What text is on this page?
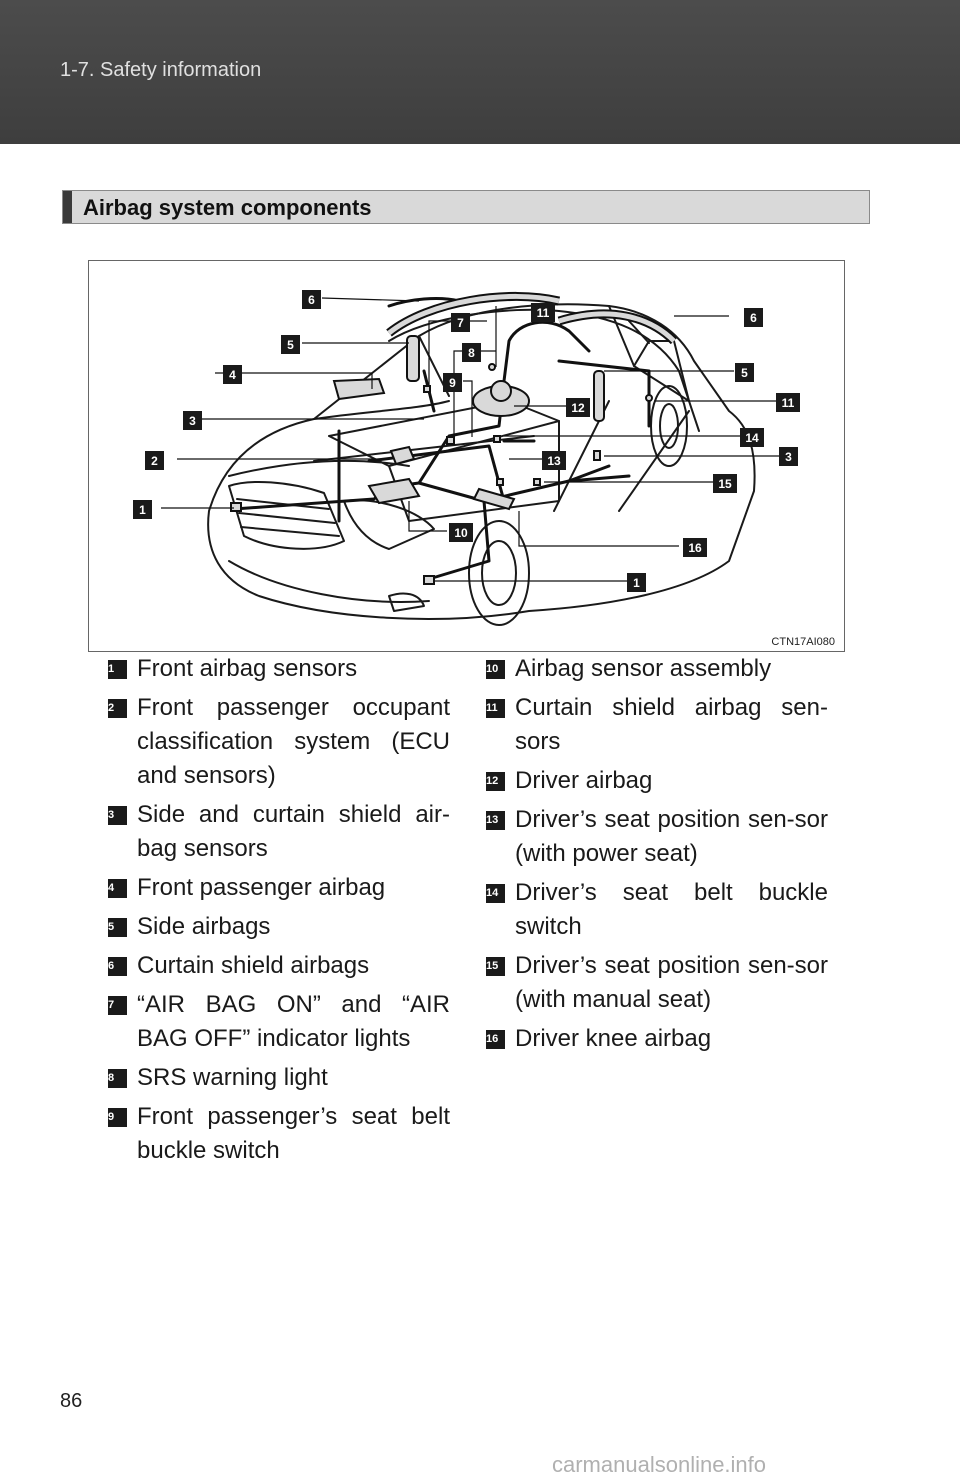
1-7. Safety information
Airbag system components
1
2
3
4
5
6
7
8
9
10
11
12
13
14
15
16
1
3
5
6
11
CTN17AI080
1 Front airbag sensors
2 Front passenger occupant classification system (ECU and sensors)
3 Side and curtain shield air-bag sensors
4 Front passenger airbag
5 Side airbags
6 Curtain shield airbags
7 “AIR BAG ON” and “AIR BAG OFF” indicator lights
8 SRS warning light
9 Front passenger’s seat belt buckle switch
10 Airbag sensor assembly
11 Curtain shield airbag sen-sors
12 Driver airbag
13 Driver’s seat position sen-sor (with power seat)
14 Driver’s seat belt buckle switch
15 Driver’s seat position sen-sor (with manual seat)
16 Driver knee airbag
86
carmanualsonline.info
